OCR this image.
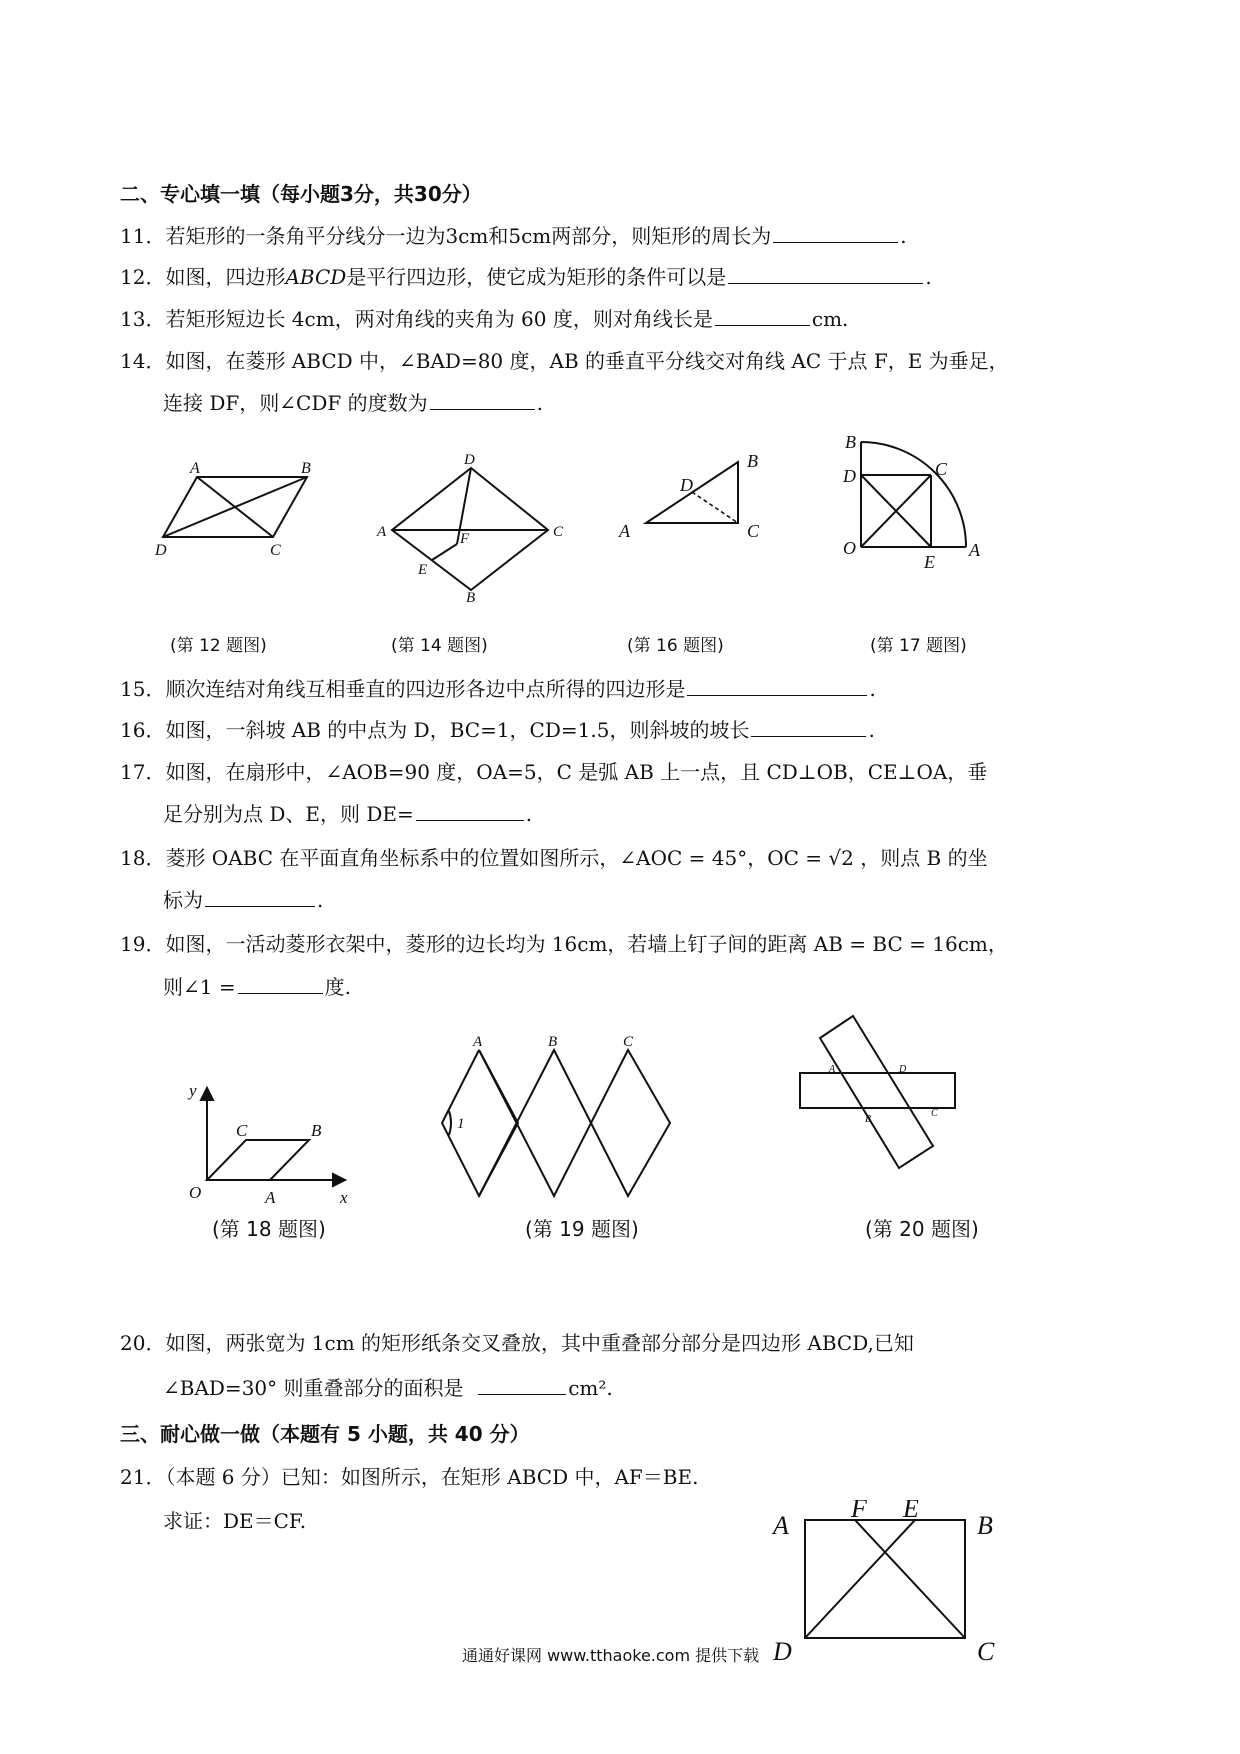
二、专心填一填（每小题3分，共30分）
11．若矩形的一条角平分线分一边为3cm和5cm两部分，则矩形的周长为	.
12．如图，四边形ABCD是平行四边形，使它成为矩形的条件可以是	.
13．若矩形短边长 4cm，两对角线的夹角为 60 度，则对角线长是	cm.
14．如图，在菱形 ABCD 中，∠BAD=80 度，AB 的垂直平分线交对角线 AC 于点 F，E 为垂足，
连接 DF，则∠CDF 的度数为	.
A	B
C
D
D
A	C
B
E
F	A
B
C
D
B
C
D
O
E
A
(第 12 题图)	(第 14 题图)	(第 16 题图)	(第 17 题图)
15．顺次连结对角线互相垂直的四边形各边中点所得的四边形是	.
16．如图，一斜坡 AB 的中点为 D，BC=1，CD=1.5，则斜坡的坡长	.
17．如图，在扇形中，∠AOB=90 度，OA=5，C 是弧 AB 上一点，且 CD⊥OB，CE⊥OA，垂
足分别为点 D、E，则 DE=	.
18．菱形 OABC 在平面直角坐标系中的位置如图所示，∠AOC = 45°，OC = √2 ，则点 B 的坐
标为	.
19．如图，一活动菱形衣架中，菱形的边长均为 16cm，若墙上钉子间的距离 AB = BC = 16cm，
则∠1 =	度.
y
x
O	A
B
C
A	B	C
1
A	D
B
C
(第 18 题图)	(第 19 题图)	(第 20 题图)
20．如图，两张宽为 1cm 的矩形纸条交叉叠放，其中重叠部分部分是四边形 ABCD,已知
∠BAD=30° 则重叠部分的面积是	cm².
三、耐心做一做（本题有 5 小题，共 40 分）
21．（本题 6 分）已知：如图所示，在矩形 ABCD 中，AF＝BE.
求证：DE＝CF.	A	B
C
D
E
F
通通好课网 www.tthaoke.com 提供下载
